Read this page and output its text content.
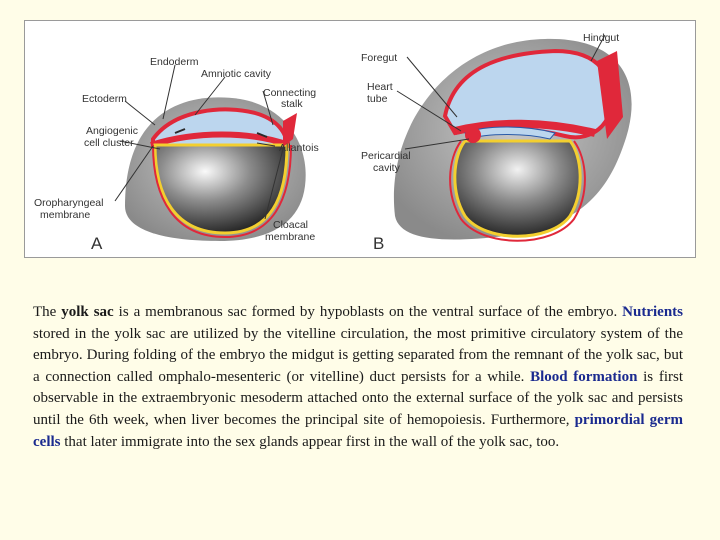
Endoderm
Amniotic cavity
Ectoderm	Connecting
stalk
Angiogenic
cell cluster	Allantois
Oropharyngeal
membrane
Cloacal
membrane
Foregut
Heart
tube
Hindgut
Pericardial
cavity
A	B

The yolk sac is a membranous sac formed by hypoblasts on the ventral surface of the embryo. Nutrients stored in the yolk sac are utilized by the vitelline circulation, the most primitive circulatory system of the embryo. During folding of the embryo the midgut is getting separated from the remnant of the yolk sac, but a connection called omphalo-mesenteric (or vitelline) duct persists for a while. Blood formation is first observable in the extraembryonic mesoderm attached onto the external surface of the yolk sac and persists until the 6th week, when liver becomes the principal site of hemopoiesis. Furthermore, primordial germ cells that later immigrate into the sex glands appear first in the wall of the yolk sac, too.
